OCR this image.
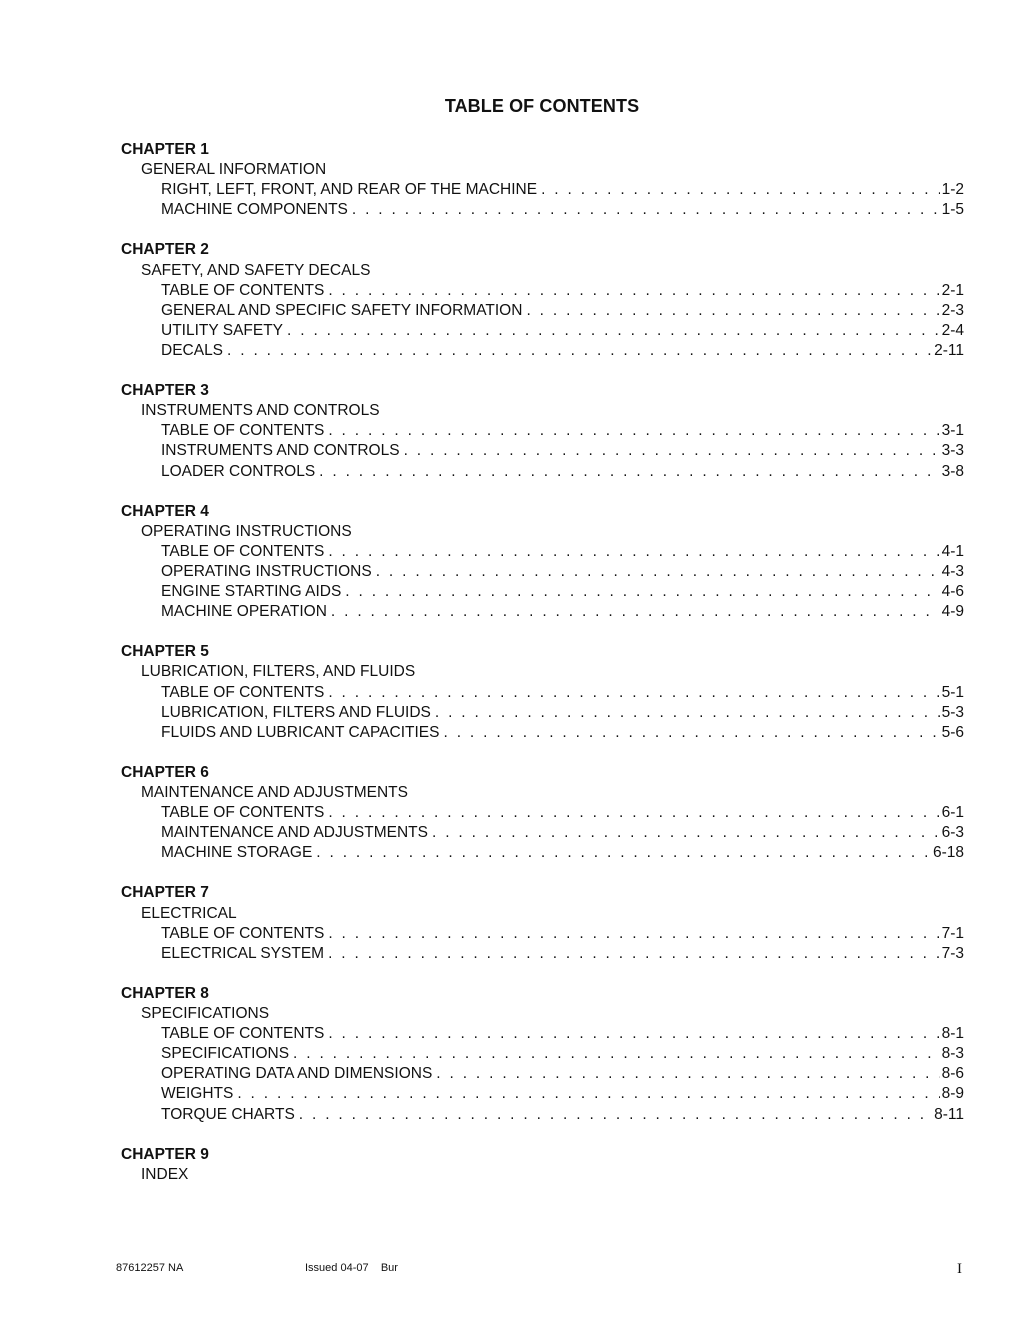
TABLE OF CONTENTS
CHAPTER 1
GENERAL INFORMATION
RIGHT, LEFT, FRONT, AND REAR OF THE MACHINE . . .	1-2
MACHINE COMPONENTS . . .	1-5
CHAPTER 2
SAFETY, AND SAFETY DECALS
TABLE OF CONTENTS . . .	2-1
GENERAL AND SPECIFIC SAFETY INFORMATION . . .	2-3
UTILITY SAFETY . . .	2-4
DECALS . . .	2-11
CHAPTER 3
INSTRUMENTS AND CONTROLS
TABLE OF CONTENTS . . .	3-1
INSTRUMENTS AND CONTROLS . . .	3-3
LOADER CONTROLS . . .	3-8
CHAPTER 4
OPERATING INSTRUCTIONS
TABLE OF CONTENTS . . .	4-1
OPERATING INSTRUCTIONS . . .	4-3
ENGINE STARTING AIDS . . .	4-6
MACHINE OPERATION . . .	4-9
CHAPTER 5
LUBRICATION, FILTERS, AND FLUIDS
TABLE OF CONTENTS . . .	5-1
LUBRICATION, FILTERS AND FLUIDS . . .	5-3
FLUIDS AND LUBRICANT CAPACITIES . . .	5-6
CHAPTER 6
MAINTENANCE AND ADJUSTMENTS
TABLE OF CONTENTS . . .	6-1
MAINTENANCE AND ADJUSTMENTS . . .	6-3
MACHINE STORAGE . . .	6-18
CHAPTER 7
ELECTRICAL
TABLE OF CONTENTS . . .	7-1
ELECTRICAL SYSTEM . . .	7-3
CHAPTER 8
SPECIFICATIONS
TABLE OF CONTENTS . . .	8-1
SPECIFICATIONS . . .	8-3
OPERATING DATA AND DIMENSIONS . . .	8-6
WEIGHTS . . .	8-9
TORQUE CHARTS . . .	8-11
CHAPTER 9
INDEX
87612257 NA	Issued 04-07    Bur	I
